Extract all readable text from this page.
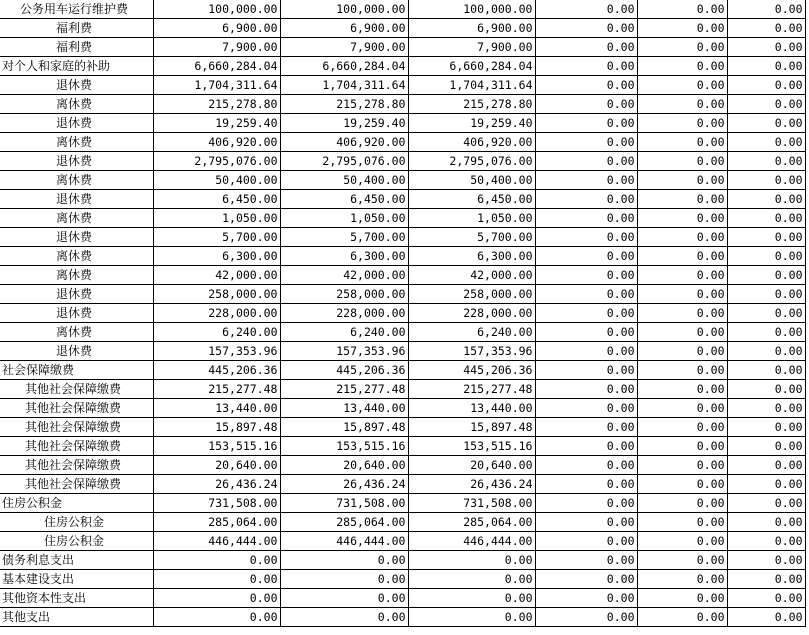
公务用车运行维护费	100,000.00	100,000.00	100,000.00	0.00	0.00	0.00
福利费	6,900.00	6,900.00	6,900.00	0.00	0.00	0.00
福利费	7,900.00	7,900.00	7,900.00	0.00	0.00	0.00
对个人和家庭的补助	6,660,284.04	6,660,284.04	6,660,284.04	0.00	0.00	0.00
退休费	1,704,311.64	1,704,311.64	1,704,311.64	0.00	0.00	0.00
离休费	215,278.80	215,278.80	215,278.80	0.00	0.00	0.00
退休费	19,259.40	19,259.40	19,259.40	0.00	0.00	0.00
离休费	406,920.00	406,920.00	406,920.00	0.00	0.00	0.00
退休费	2,795,076.00	2,795,076.00	2,795,076.00	0.00	0.00	0.00
离休费	50,400.00	50,400.00	50,400.00	0.00	0.00	0.00
退休费	6,450.00	6,450.00	6,450.00	0.00	0.00	0.00
离休费	1,050.00	1,050.00	1,050.00	0.00	0.00	0.00
退休费	5,700.00	5,700.00	5,700.00	0.00	0.00	0.00
离休费	6,300.00	6,300.00	6,300.00	0.00	0.00	0.00
离休费	42,000.00	42,000.00	42,000.00	0.00	0.00	0.00
退休费	258,000.00	258,000.00	258,000.00	0.00	0.00	0.00
退休费	228,000.00	228,000.00	228,000.00	0.00	0.00	0.00
离休费	6,240.00	6,240.00	6,240.00	0.00	0.00	0.00
退休费	157,353.96	157,353.96	157,353.96	0.00	0.00	0.00
社会保障缴费	445,206.36	445,206.36	445,206.36	0.00	0.00	0.00
其他社会保障缴费	215,277.48	215,277.48	215,277.48	0.00	0.00	0.00
其他社会保障缴费	13,440.00	13,440.00	13,440.00	0.00	0.00	0.00
其他社会保障缴费	15,897.48	15,897.48	15,897.48	0.00	0.00	0.00
其他社会保障缴费	153,515.16	153,515.16	153,515.16	0.00	0.00	0.00
其他社会保障缴费	20,640.00	20,640.00	20,640.00	0.00	0.00	0.00
其他社会保障缴费	26,436.24	26,436.24	26,436.24	0.00	0.00	0.00
住房公积金	731,508.00	731,508.00	731,508.00	0.00	0.00	0.00
住房公积金	285,064.00	285,064.00	285,064.00	0.00	0.00	0.00
住房公积金	446,444.00	446,444.00	446,444.00	0.00	0.00	0.00
债务利息支出	0.00	0.00	0.00	0.00	0.00	0.00
基本建设支出	0.00	0.00	0.00	0.00	0.00	0.00
其他资本性支出	0.00	0.00	0.00	0.00	0.00	0.00
其他支出	0.00	0.00	0.00	0.00	0.00	0.00
